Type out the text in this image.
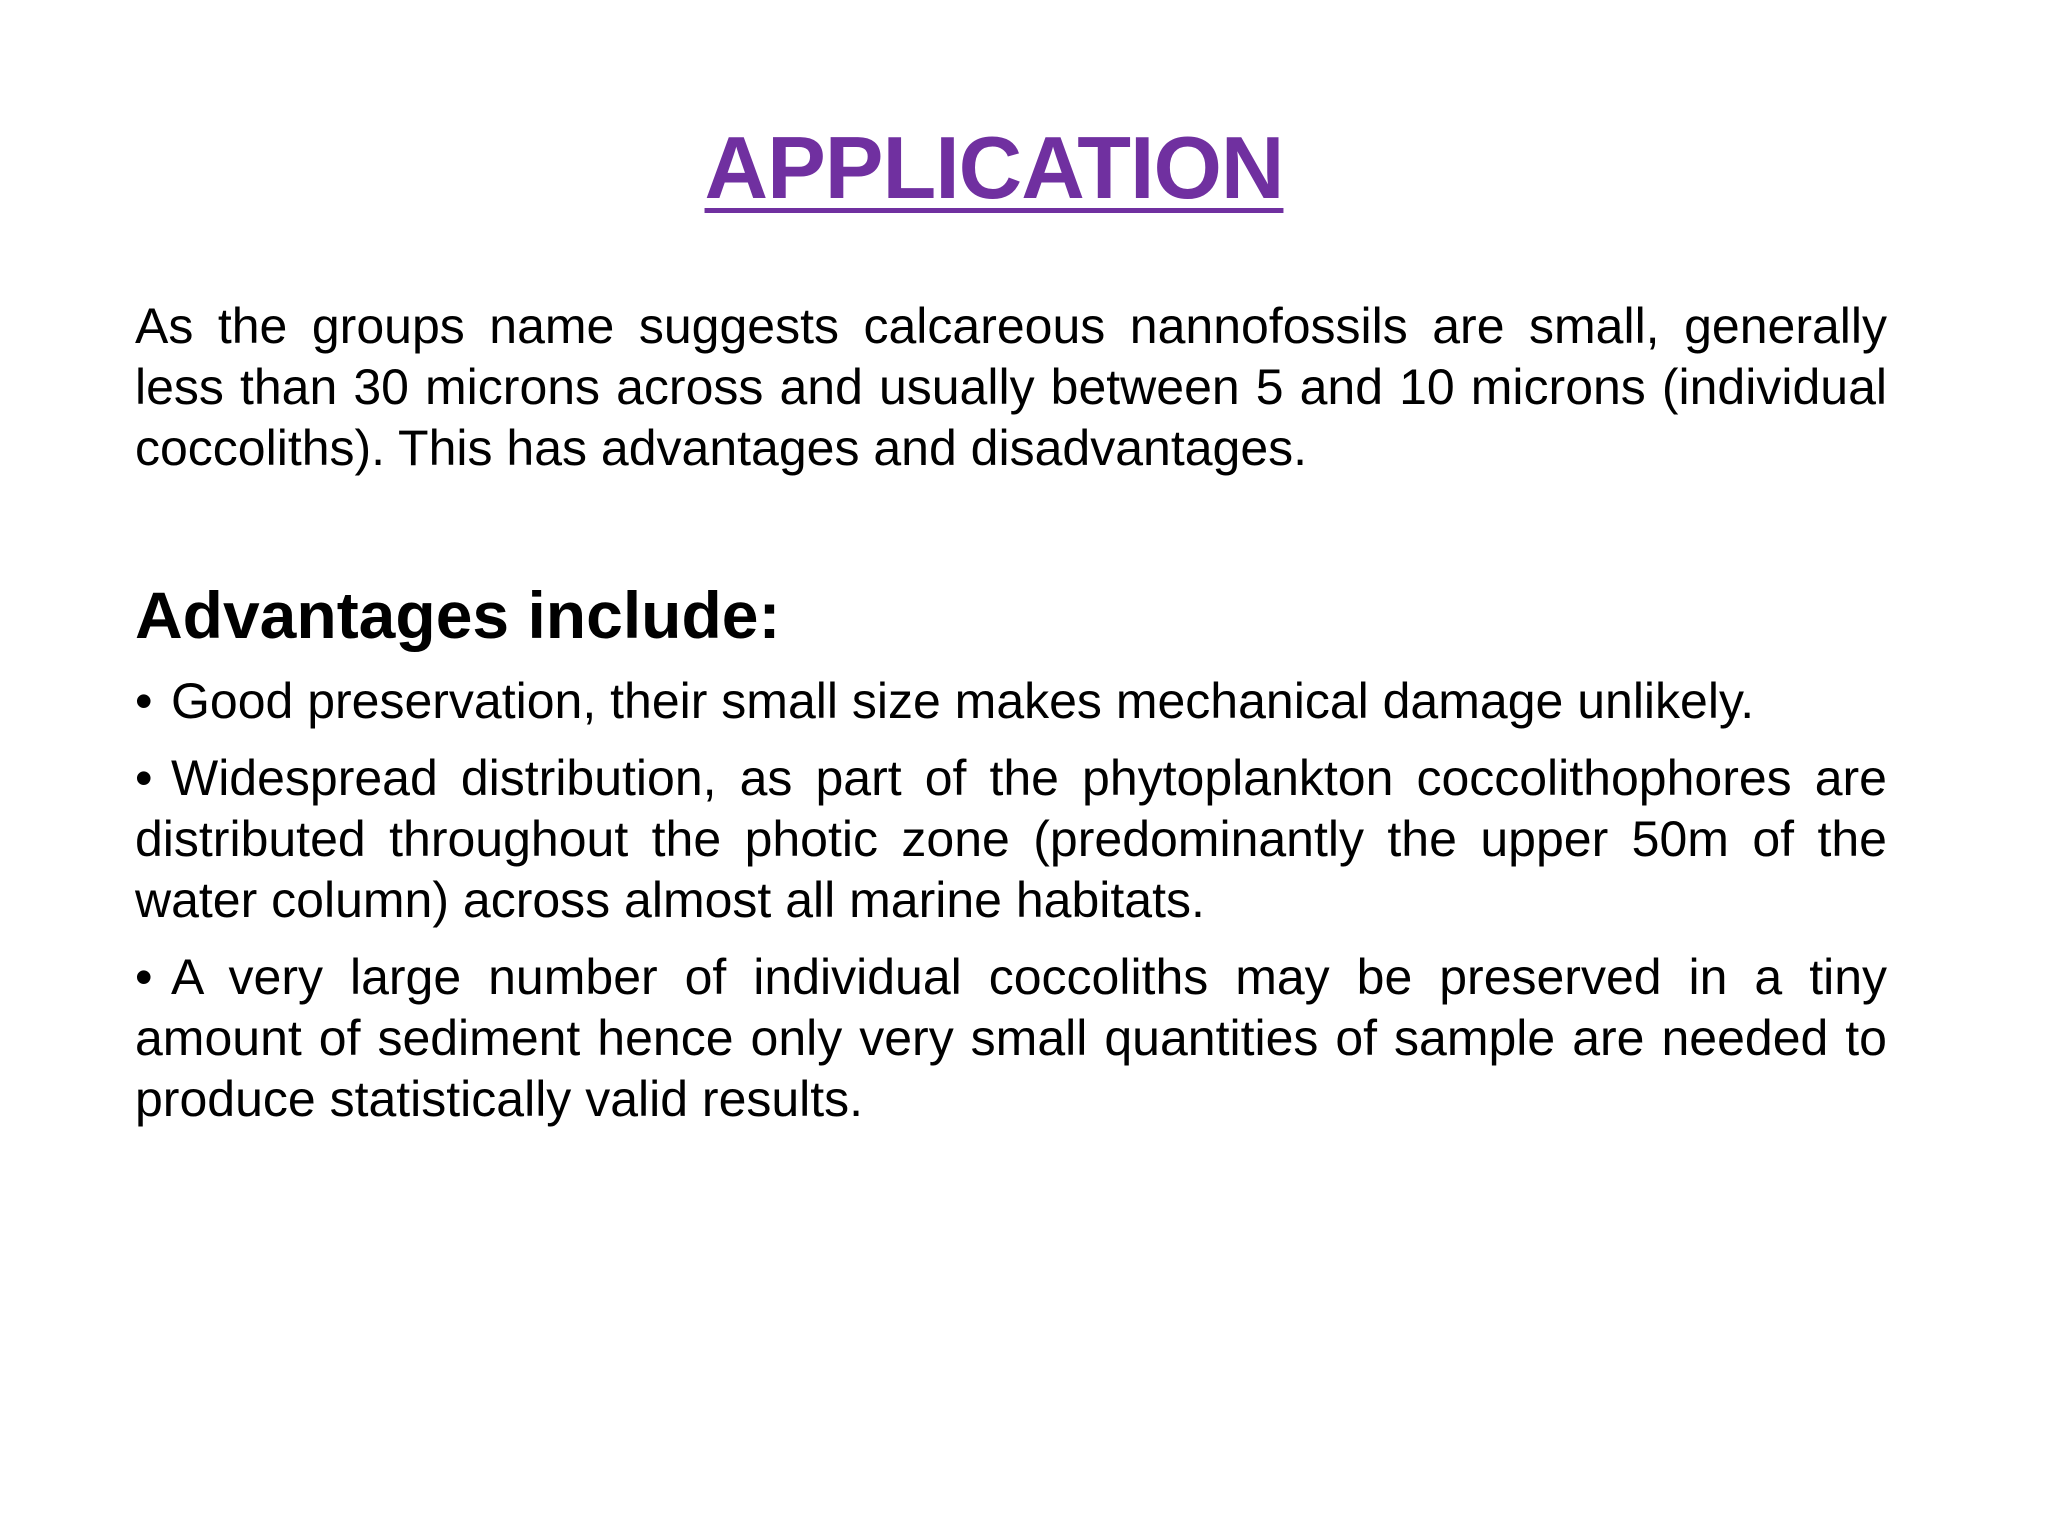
APPLICATION

As the groups name suggests calcareous nannofossils are small, generally less than 30 microns across and usually between 5 and 10 microns (individual coccoliths). This has advantages and disadvantages.

Advantages include:
• Good preservation, their small size makes mechanical damage unlikely.
• Widespread distribution, as part of the phytoplankton coccolithophores are distributed throughout the photic zone (predominantly the upper 50m of the water column) across almost all marine habitats.
• A very large number of individual coccoliths may be preserved in a tiny amount of sediment hence only very small quantities of sample are needed to produce statistically valid results.
